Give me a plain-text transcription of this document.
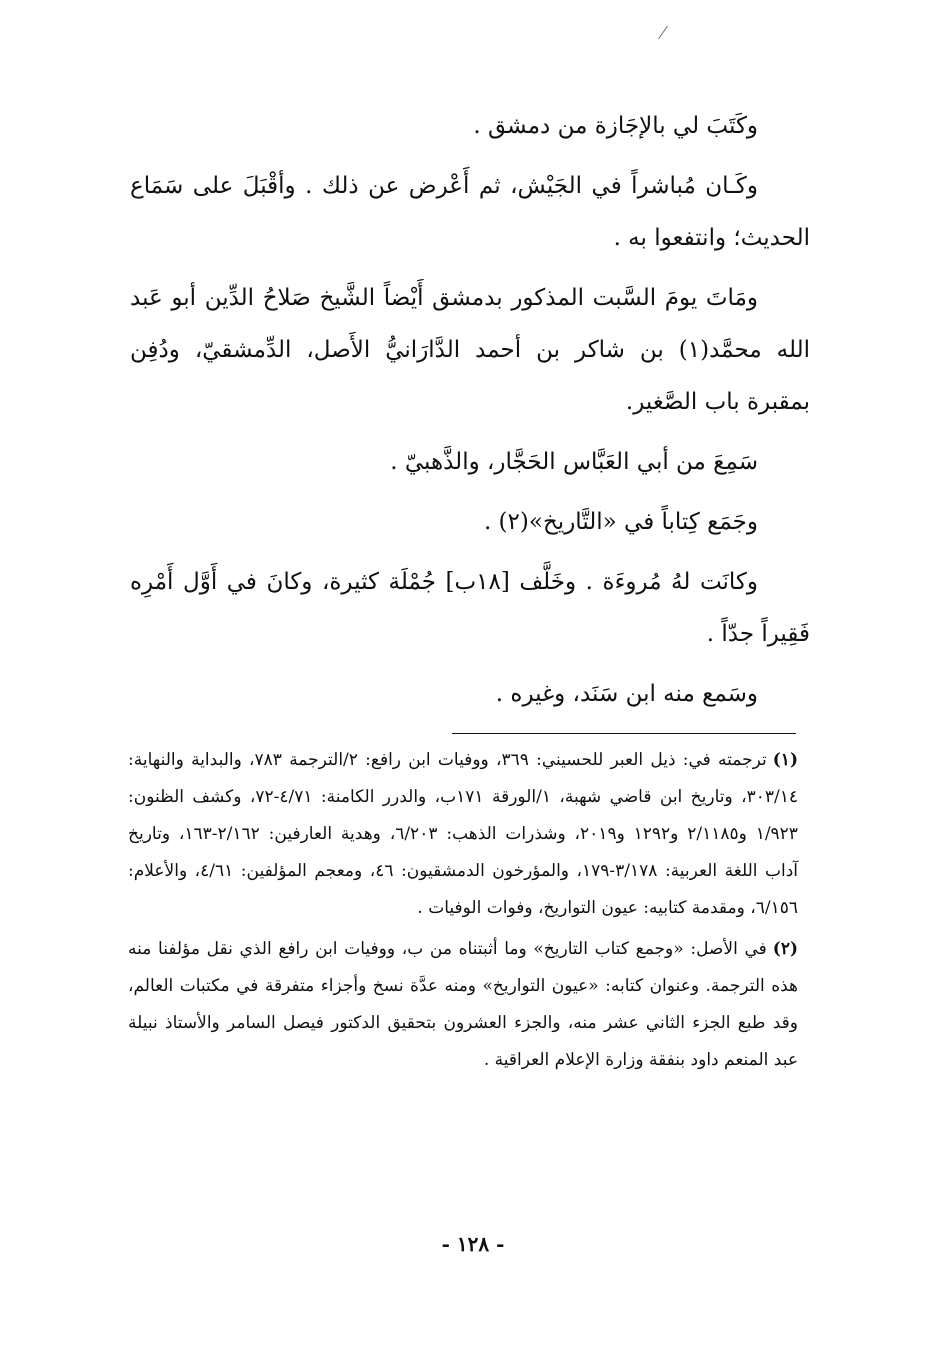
وكَتَبَ لي بالإجَازة من دمشق .

وكَـان مُباشراً في الجَيْش، ثم أَعْرض عن ذلك . وأقْبَلَ على سَمَاع الحديث؛ وانتفعوا به .

ومَاتَ يومَ السَّبت المذكور بدمشق أَيْضاً الشَّيخ صَلاحُ الدِّين أبو عَبد الله محمَّد(١) بن شاكر بن أحمد الدَّارَانيُّ الأَصل، الدِّمشقيّ، ودُفِن بمقبرة باب الصَّغير.

سَمِعَ من أبي العَبَّاس الحَجَّار، والذَّهبيّ .

وجَمَع كِتاباً في «التَّاريخ»(٢) .

وكانَت لهُ مُروءَة . وخَلَّف [١٨ب] جُمْلَة كثيرة، وكانَ في أَوَّل أَمْرِه فَقِيراً جدّاً .

وسَمع منه ابن سَنَد، وغيره .

(١)ترجمته في: ذيل العبر للحسيني: ٣٦٩، ووفيات ابن رافع: ٢/الترجمة ٧٨٣، والبداية والنهاية: ٣٠٣/١٤، وتاريخ ابن قاضي شهبة، ١/الورقة ١٧١ب، والدرر الكامنة: ٤/٧١-٧٢، وكشف الظنون: ١/٩٢٣ و٢/١١٨٥ و١٢٩٢ و٢٠١٩، وشذرات الذهب: ٦/٢٠٣، وهدية العارفين: ٢/١٦٢-١٦٣، وتاريخ آداب اللغة العربية: ٣/١٧٨-١٧٩، والمؤرخون الدمشقيون: ٤٦، ومعجم المؤلفين: ٤/٦١، والأعلام: ٦/١٥٦، ومقدمة كتابيه: عيون التواريخ، وفوات الوفيات .

(٢)في الأصل: «وجمع كتاب التاريخ» وما أثبتناه من ب، ووفيات ابن رافع الذي نقل مؤلفنا منه هذه الترجمة. وعنوان كتابه: «عيون التواريخ» ومنه عدَّة نسخ وأجزاء متفرقة في مكتبات العالم، وقد طبع الجزء الثاني عشر منه، والجزء العشرون بتحقيق الدكتور فيصل السامر والأستاذ نبيلة عبد المنعم داود بنفقة وزارة الإعلام العراقية .

- ١٢٨ -
